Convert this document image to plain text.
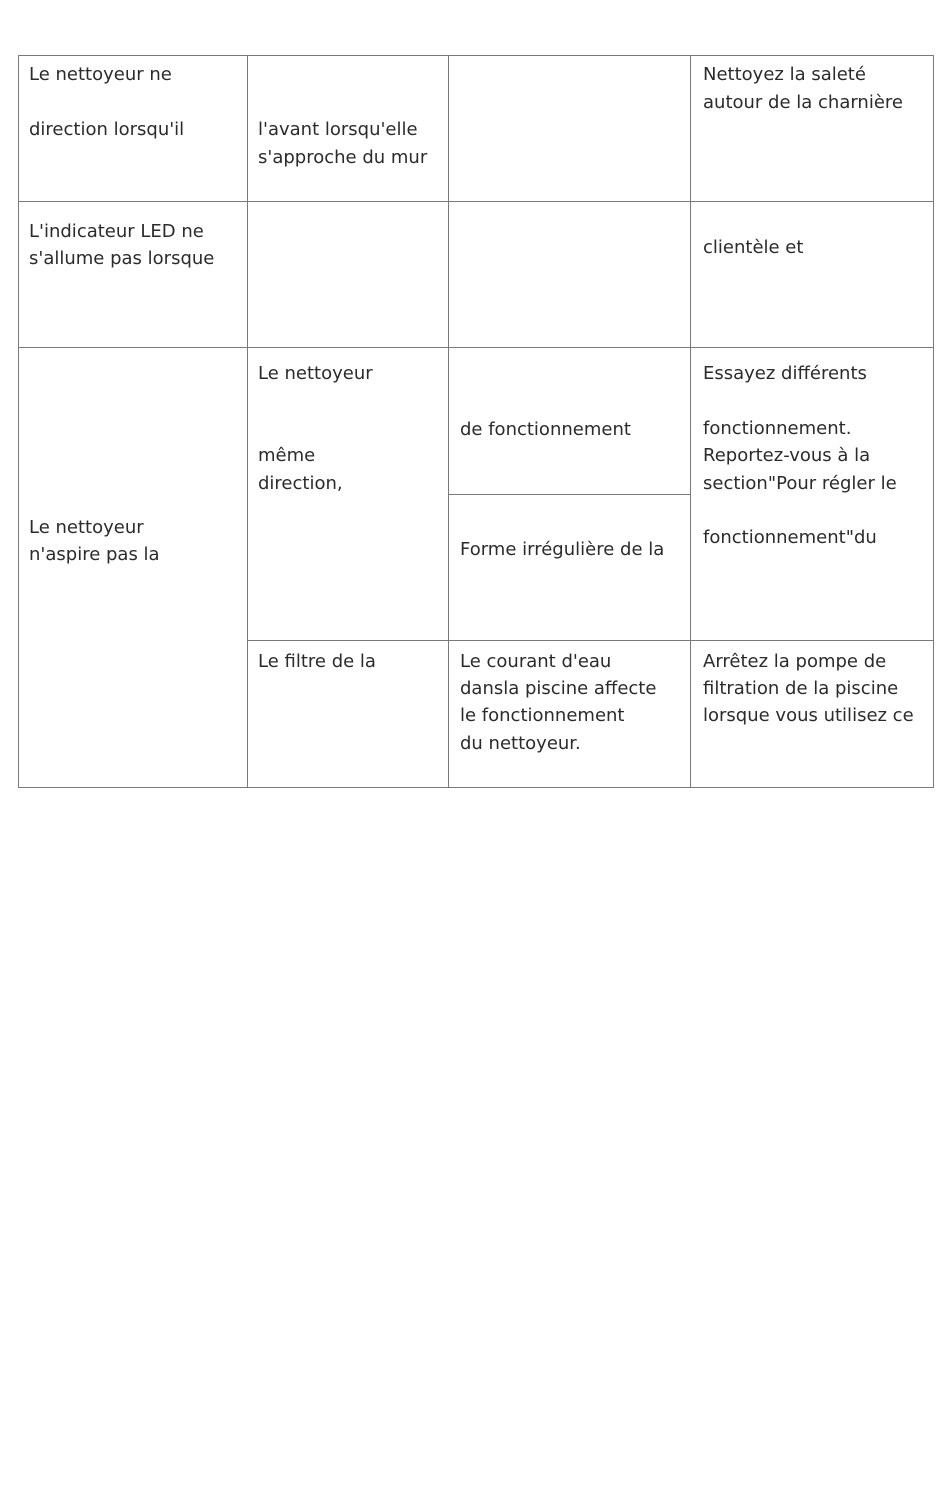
Le nettoyeur ne
direction lorsqu'il	l'avant lorsqu'elle
s'approche du mur
Nettoyez la saleté
autour de la charnière
L'indicateur LED ne
s'allume pas lorsque
clientèle et
Le nettoyeur
n'aspire pas la
Le nettoyeur
même
direction,
de fonctionnement
Forme irrégulière de la
Essayez différents
fonctionnement.
Reportez-vous à la
section"Pour régler le
fonctionnement"du
Le filtre de la	Le courant d'eau
dansla piscine affecte
le fonctionnement
du nettoyeur.
Arrêtez la pompe de
filtration de la piscine
lorsque vous utilisez ce
